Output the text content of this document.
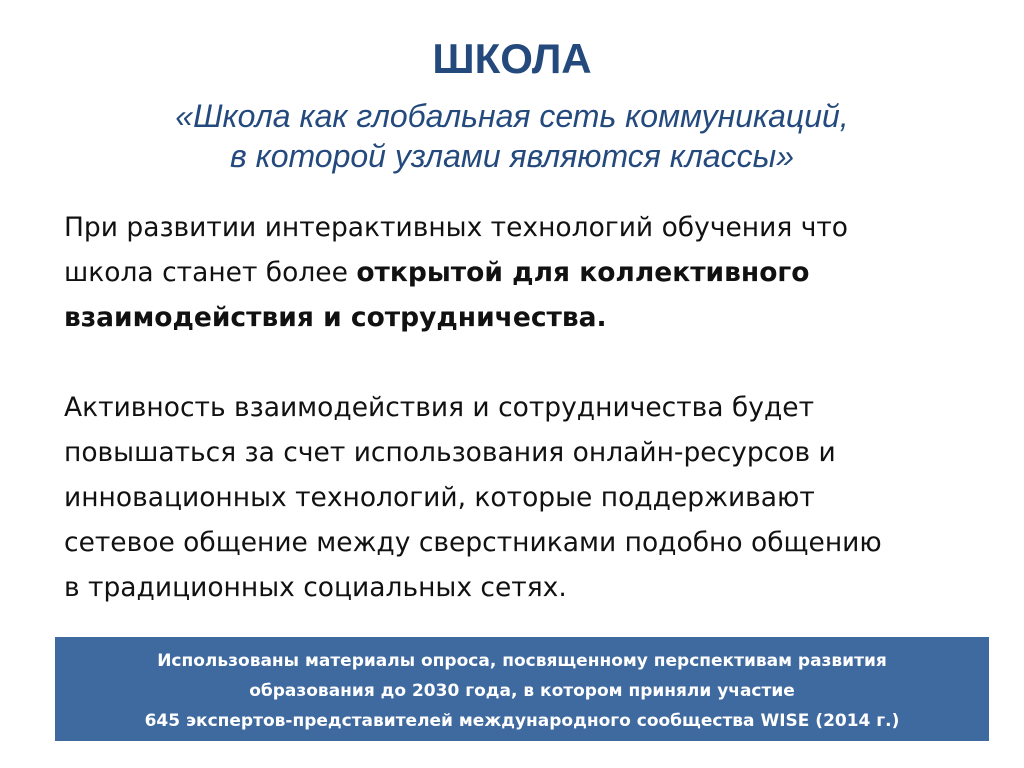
ШКОЛА
«Школа как глобальная сеть коммуникаций,
в которой узлами являются классы»
При развитии интерактивных технологий обучения что
школа станет более открытой для коллективного
взаимодействия и сотрудничества.
Активность взаимодействия и сотрудничества будет
повышаться за счет использования онлайн-ресурсов и
инновационных технологий, которые поддерживают
сетевое общение между сверстниками подобно общению
в традиционных социальных сетях.
Использованы материалы опроса, посвященному перспективам развития
образования до 2030 года, в котором приняли участие
645 экспертов-представителей международного сообщества WISE (2014 г.)
